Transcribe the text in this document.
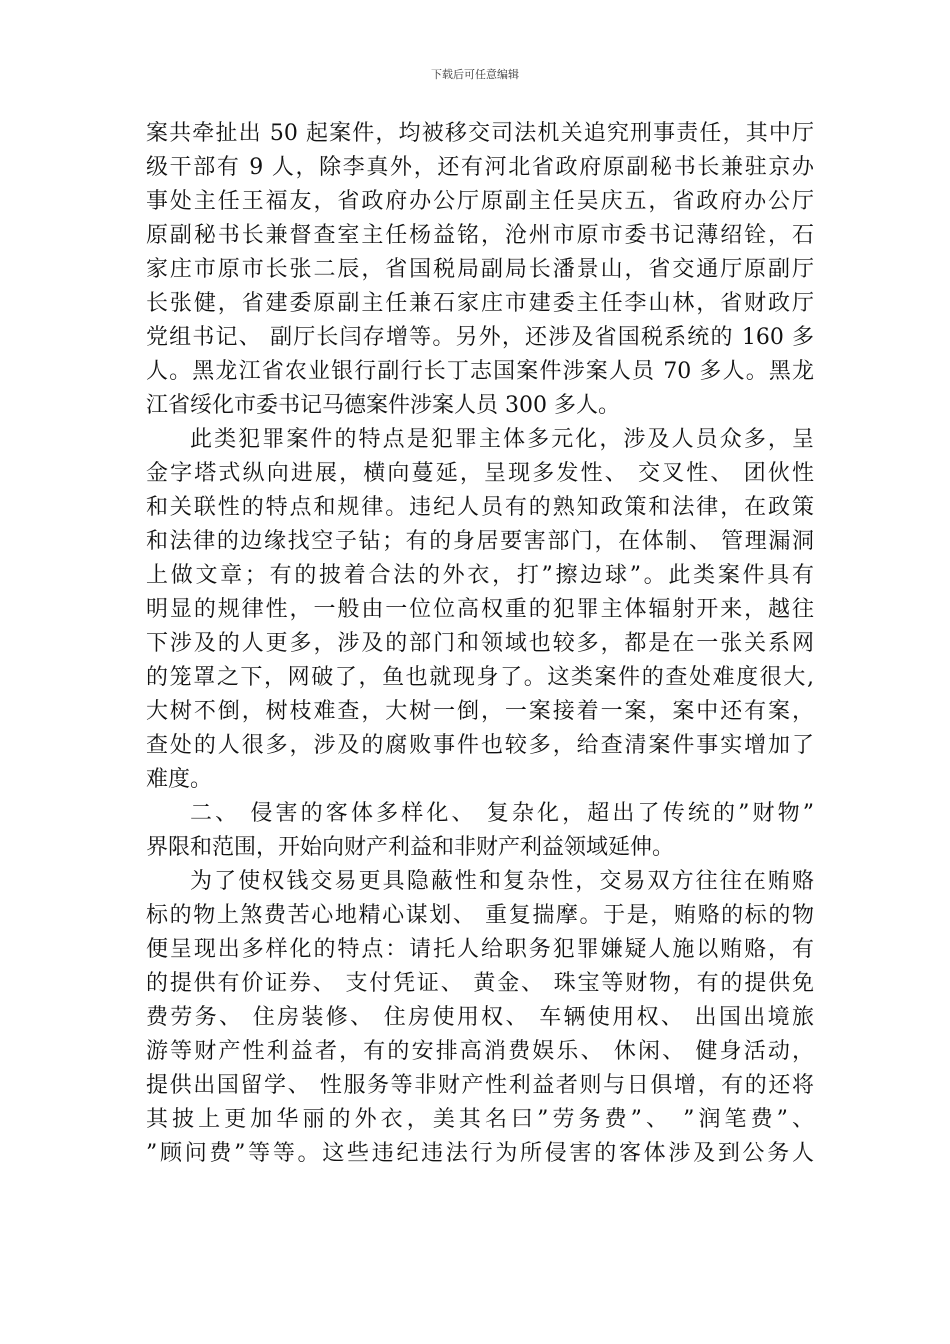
下载后可任意编辑
案共牵扯出 50 起案件，均被移交司法机关追究刑事责任，其中厅
级干部有 9 人，除李真外，还有河北省政府原副秘书长兼驻京办
事处主任王福友，省政府办公厅原副主任吴庆五，省政府办公厅
原副秘书长兼督查室主任杨益铭，沧州市原市委书记薄绍铨，石
家庄市原市长张二辰，省国税局副局长潘景山，省交通厅原副厅
长张健，省建委原副主任兼石家庄市建委主任李山林，省财政厅
党组书记、 副厅长闫存增等。另外，还涉及省国税系统的 160 多
人。黑龙江省农业银行副行长丁志国案件涉案人员 70 多人。黑龙
江省绥化市委书记马德案件涉案人员 300 多人。
此类犯罪案件的特点是犯罪主体多元化，涉及人员众多，呈
金字塔式纵向进展，横向蔓延，呈现多发性、 交叉性、 团伙性
和关联性的特点和规律。违纪人员有的熟知政策和法律，在政策
和法律的边缘找空子钻；有的身居要害部门，在体制、 管理漏洞
上做文章；有的披着合法的外衣，打”擦边球”。此类案件具有
明显的规律性，一般由一位位高权重的犯罪主体辐射开来，越往
下涉及的人更多，涉及的部门和领域也较多，都是在一张关系网
的笼罩之下，网破了，鱼也就现身了。这类案件的查处难度很大,
大树不倒，树枝难查，大树一倒，一案接着一案，案中还有案，
查处的人很多，涉及的腐败事件也较多，给查清案件事实增加了
难度。
二、 侵害的客体多样化、 复杂化，超出了传统的”财物”
界限和范围，开始向财产利益和非财产利益领域延伸。
为了使权钱交易更具隐蔽性和复杂性，交易双方往往在贿赂
标的物上煞费苦心地精心谋划、 重复揣摩。于是，贿赂的标的物
便呈现出多样化的特点：请托人给职务犯罪嫌疑人施以贿赂，有
的提供有价证券、 支付凭证、 黄金、 珠宝等财物，有的提供免
费劳务、 住房装修、 住房使用权、 车辆使用权、 出国出境旅
游等财产性利益者，有的安排高消费娱乐、 休闲、 健身活动，
提供出国留学、 性服务等非财产性利益者则与日俱增，有的还将
其披上更加华丽的外衣，美其名曰”劳务费”、 ”润笔费”、
”顾问费”等等。这些违纪违法行为所侵害的客体涉及到公务人
